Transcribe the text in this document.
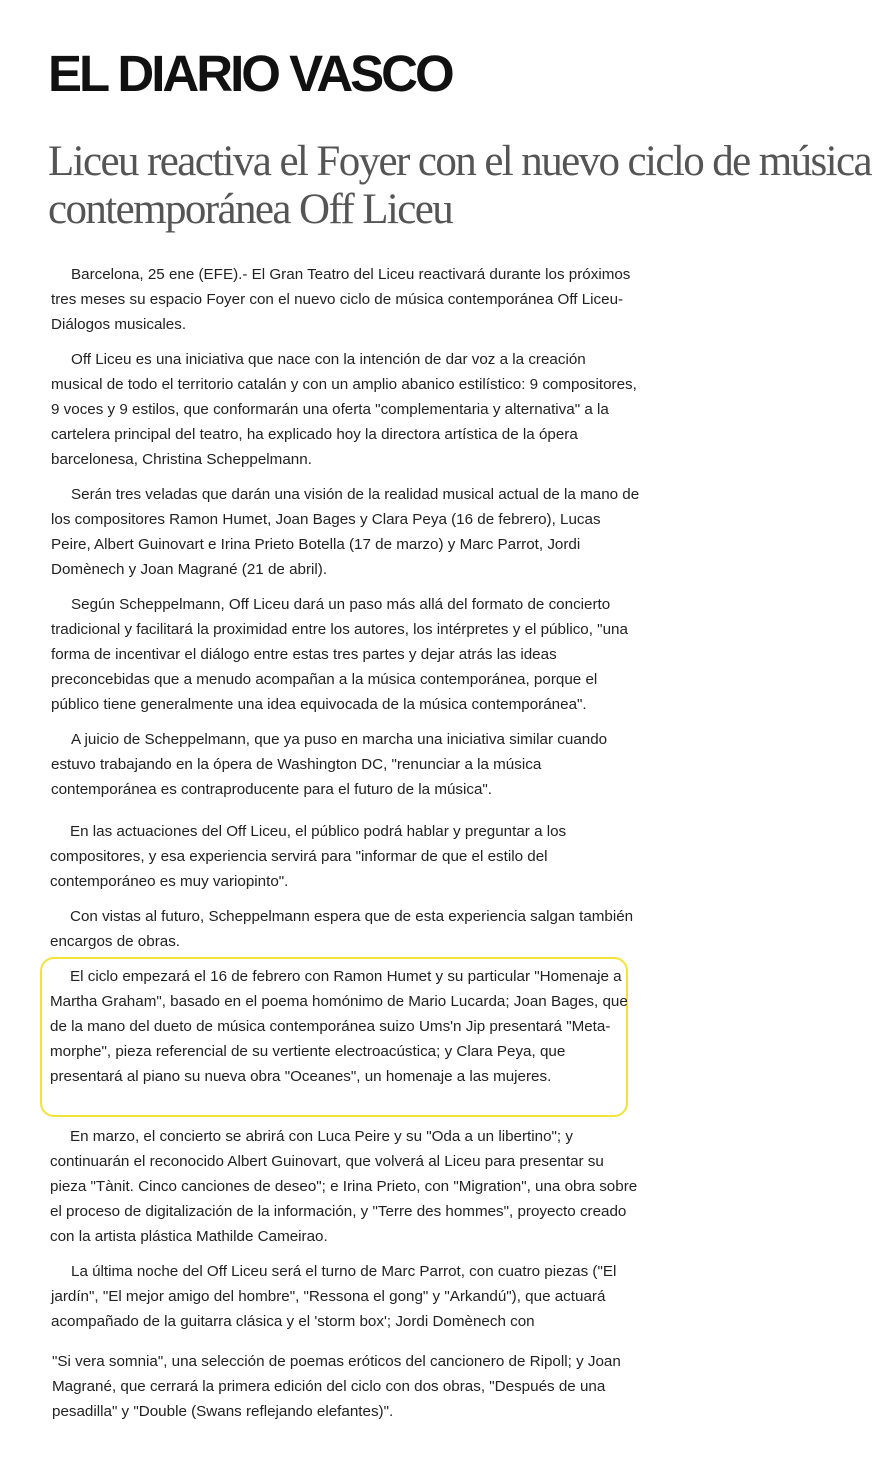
EL DIARIO VASCO
Liceu reactiva el Foyer con el nuevo ciclo de música contemporánea Off Liceu

Barcelona, 25 ene (EFE).- El Gran Teatro del Liceu reactivará durante los próximos tres meses su espacio Foyer con el nuevo ciclo de música contemporánea Off Liceu-Diálogos musicales.

Off Liceu es una iniciativa que nace con la intención de dar voz a la creación musical de todo el territorio catalán y con un amplio abanico estilístico: 9 compositores, 9 voces y 9 estilos, que conformarán una oferta "complementaria y alternativa" a la cartelera principal del teatro, ha explicado hoy la directora artística de la ópera barcelonesa, Christina Scheppelmann.

Serán tres veladas que darán una visión de la realidad musical actual de la mano de los compositores Ramon Humet, Joan Bages y Clara Peya (16 de febrero), Lucas Peire, Albert Guinovart e Irina Prieto Botella (17 de marzo) y Marc Parrot, Jordi Domènech y Joan Magrané (21 de abril).

Según Scheppelmann, Off Liceu dará un paso más allá del formato de concierto tradicional y facilitará la proximidad entre los autores, los intérpretes y el público, "una forma de incentivar el diálogo entre estas tres partes y dejar atrás las ideas preconcebidas que a menudo acompañan a la música contemporánea, porque el público tiene generalmente una idea equivocada de la música contemporánea".

A juicio de Scheppelmann, que ya puso en marcha una iniciativa similar cuando estuvo trabajando en la ópera de Washington DC, "renunciar a la música contemporánea es contraproducente para el futuro de la música".

En las actuaciones del Off Liceu, el público podrá hablar y preguntar a los compositores, y esa experiencia servirá para "informar de que el estilo del contemporáneo es muy variopinto".

Con vistas al futuro, Scheppelmann espera que de esta experiencia salgan también encargos de obras.

El ciclo empezará el 16 de febrero con Ramon Humet y su particular "Homenaje a Martha Graham", basado en el poema homónimo de Mario Lucarda; Joan Bages, que de la mano del dueto de música contemporánea suizo Ums'n Jip presentará "Meta-morphe", pieza referencial de su vertiente electroacústica; y Clara Peya, que presentará al piano su nueva obra "Oceanes", un homenaje a las mujeres.

En marzo, el concierto se abrirá con Luca Peire y su "Oda a un libertino"; y continuarán el reconocido Albert Guinovart, que volverá al Liceu para presentar su pieza "Tànit. Cinco canciones de deseo"; e Irina Prieto, con "Migration", una obra sobre el proceso de digitalización de la información, y "Terre des hommes", proyecto creado con la artista plástica Mathilde Cameirao.

La última noche del Off Liceu será el turno de Marc Parrot, con cuatro piezas ("El jardín", "El mejor amigo del hombre", "Ressona el gong" y "Arkandú"), que actuará acompañado de la guitarra clásica y el 'storm box'; Jordi Domènech con

"Si vera somnia", una selección de poemas eróticos del cancionero de Ripoll; y Joan Magrané, que cerrará la primera edición del ciclo con dos obras, "Después de una pesadilla" y "Double (Swans reflejando elefantes)".
